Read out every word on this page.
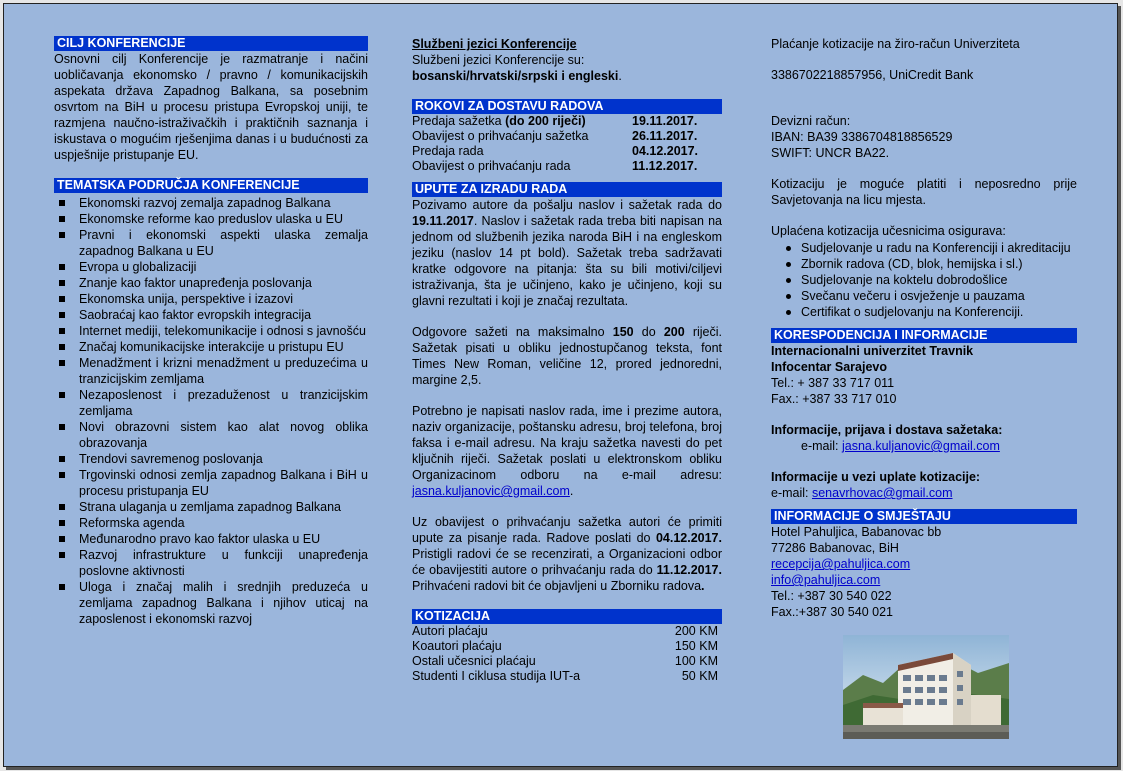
CILJ KONFERENCIJE
Osnovni cilj Konferencije je razmatranje i načini uobličavanja ekonomsko / pravno / komunikacijskih aspekata država Zapadnog Balkana, sa posebnim osvrtom na BiH u procesu pristupa Evropskoj uniji, te razmjena naučno-istraživačkih i praktičnih saznanja i iskustava o mogućim rješenjima danas i u budućnosti za uspješnije pristupanje EU.
TEMATSKA PODRUČJA KONFERENCIJE
Ekonomski razvoj zemalja zapadnog Balkana
Ekonomske reforme kao preduslov ulaska u EU
Pravni i ekonomski aspekti ulaska zemalja zapadnog Balkana u EU
Evropa u globalizaciji
Znanje kao faktor unapređenja poslovanja
Ekonomska unija, perspektive i izazovi
Saobraćaj kao faktor evropskih integracija
Internet mediji, telekomunikacije i odnosi s javnošću
Značaj komunikacijske interakcije u pristupu EU
Menadžment i krizni menadžment u preduzećima u tranzicijskim zemljama
Nezaposlenost i prezaduženost u tranzicijskim zemljama
Novi obrazovni sistem kao alat novog oblika obrazovanja
Trendovi savremenog poslovanja
Trgovinski odnosi zemlja zapadnog Balkana i BiH u procesu pristupanja EU
Strana ulaganja u zemljama zapadnog Balkana
Reformska agenda
Međunarodno pravo kao faktor ulaska u EU
Razvoj infrastrukture u funkciji unapređenja poslovne aktivnosti
Uloga i značaj malih i srednjih preduzeća u zemljama zapadnog Balkana i njihov uticaj na zaposlenost i ekonomski razvoj
Službeni jezici Konferencije
Službeni jezici Konferencije su:
bosanski/hrvatski/srpski i engleski.
ROKOVI ZA DOSTAVU RADOVA
Predaja sažetka (do 200 riječi)	19.11.2017.
Obavijest o prihvaćanju sažetka	26.11.2017.
Predaja rada	04.12.2017.
Obavijest o prihvaćanju rada	11.12.2017.
UPUTE ZA IZRADU RADA
Pozivamo autore da pošalju naslov i sažetak rada do 19.11.2017. Naslov i sažetak rada treba biti napisan na jednom od službenih jezika naroda BiH i na engleskom jeziku (naslov 14 pt bold). Sažetak treba sadržavati kratke odgovore na pitanja: šta su bili motivi/ciljevi istraživanja, šta je učinjeno, kako je učinjeno, koji su glavni rezultati i koji je značaj rezultata.
Odgovore sažeti na maksimalno 150 do 200 riječi. Sažetak pisati u obliku jednostupčanog teksta, font Times New Roman, veličine 12, prored jednoredni, margine 2,5.
Potrebno je napisati naslov rada, ime i prezime autora, naziv organizacije, poštansku adresu, broj telefona, broj faksa i e-mail adresu. Na kraju sažetka navesti do pet ključnih riječi. Sažetak poslati u elektronskom obliku Organizacinom odboru na e-mail adresu: jasna.kuljanovic@gmail.com.
Uz obavijest o prihvaćanju sažetka autori će primiti upute za pisanje rada. Radove poslati do 04.12.2017. Pristigli radovi će se recenzirati, a Organizacioni odbor će obavijestiti autore o prihvaćanju rada do 11.12.2017. Prihvaćeni radovi bit će objavljeni u Zborniku radova.
KOTIZACIJA
Autori plaćaju	200 KM
Koautori plaćaju	150 KM
Ostali učesnici plaćaju	100 KM
Studenti I ciklusa studija IUT-a	50 KM
Plaćanje kotizacije na žiro-račun Univerziteta
3386702218857956, UniCredit Bank
Devizni račun:
IBAN: BA39 3386704818856529
SWIFT: UNCR BA22.
Kotizaciju je moguće platiti i neposredno prije Savjetovanja na licu mjesta.
Uplaćena kotizacija učesnicima osigurava:
Sudjelovanje u radu na Konferenciji i akreditaciju
Zbornik radova (CD, blok, hemijska i sl.)
Sudjelovanje na koktelu dobrodošlice
Svečanu večeru i osvježenje u pauzama
Certifikat o sudjelovanju na Konferenciji.
KORESPODENCIJA I INFORMACIJE
Internacionalni univerzitet Travnik
Infocentar Sarajevo
Tel.: + 387 33 717 011
Fax.: +387 33 717 010
Informacije, prijava i dostava sažetaka:
e-mail: jasna.kuljanovic@gmail.com
Informacije u vezi uplate kotizacije:
e-mail: senavrhovac@gmail.com
INFORMACIJE O SMJEŠTAJU
Hotel Pahuljica, Babanovac bb
77286 Babanovac, BiH
recepcija@pahuljica.com
info@pahuljica.com
Tel.: +387 30 540 022
Fax.:+387 30 540 021
